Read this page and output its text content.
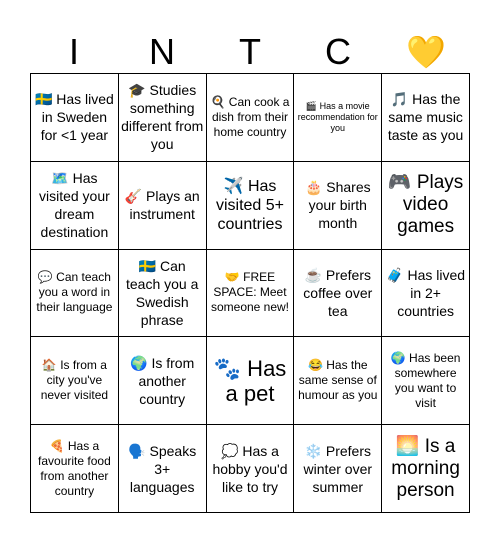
I	N	T	C	💛
🇸🇪 Has lived in Sweden for <1 year
🎓 Studies something different from you
🍳 Can cook a dish from their home country
🎬 Has a movie recommendation for you
🎵 Has the same music taste as you
🗺️ Has visited your dream destination
🎸 Plays an instrument
✈️ Has visited 5+ countries
🎂 Shares your birth month
🎮 Plays video games
💬 Can teach you a word in their language
🇸🇪 Can teach you a Swedish phrase
🤝 FREE SPACE: Meet someone new!
☕ Prefers coffee over tea
🧳 Has lived in 2+ countries
🏠 Is from a city you've never visited
🌍 Is from another country
🐾 Has a pet
😂 Has the same sense of humour as you
🌍 Has been somewhere you want to visit
🍕 Has a favourite food from another country
🗣️ Speaks 3+ languages
💭 Has a hobby you'd like to try
❄️ Prefers winter over summer
🌅 Is a morning person
